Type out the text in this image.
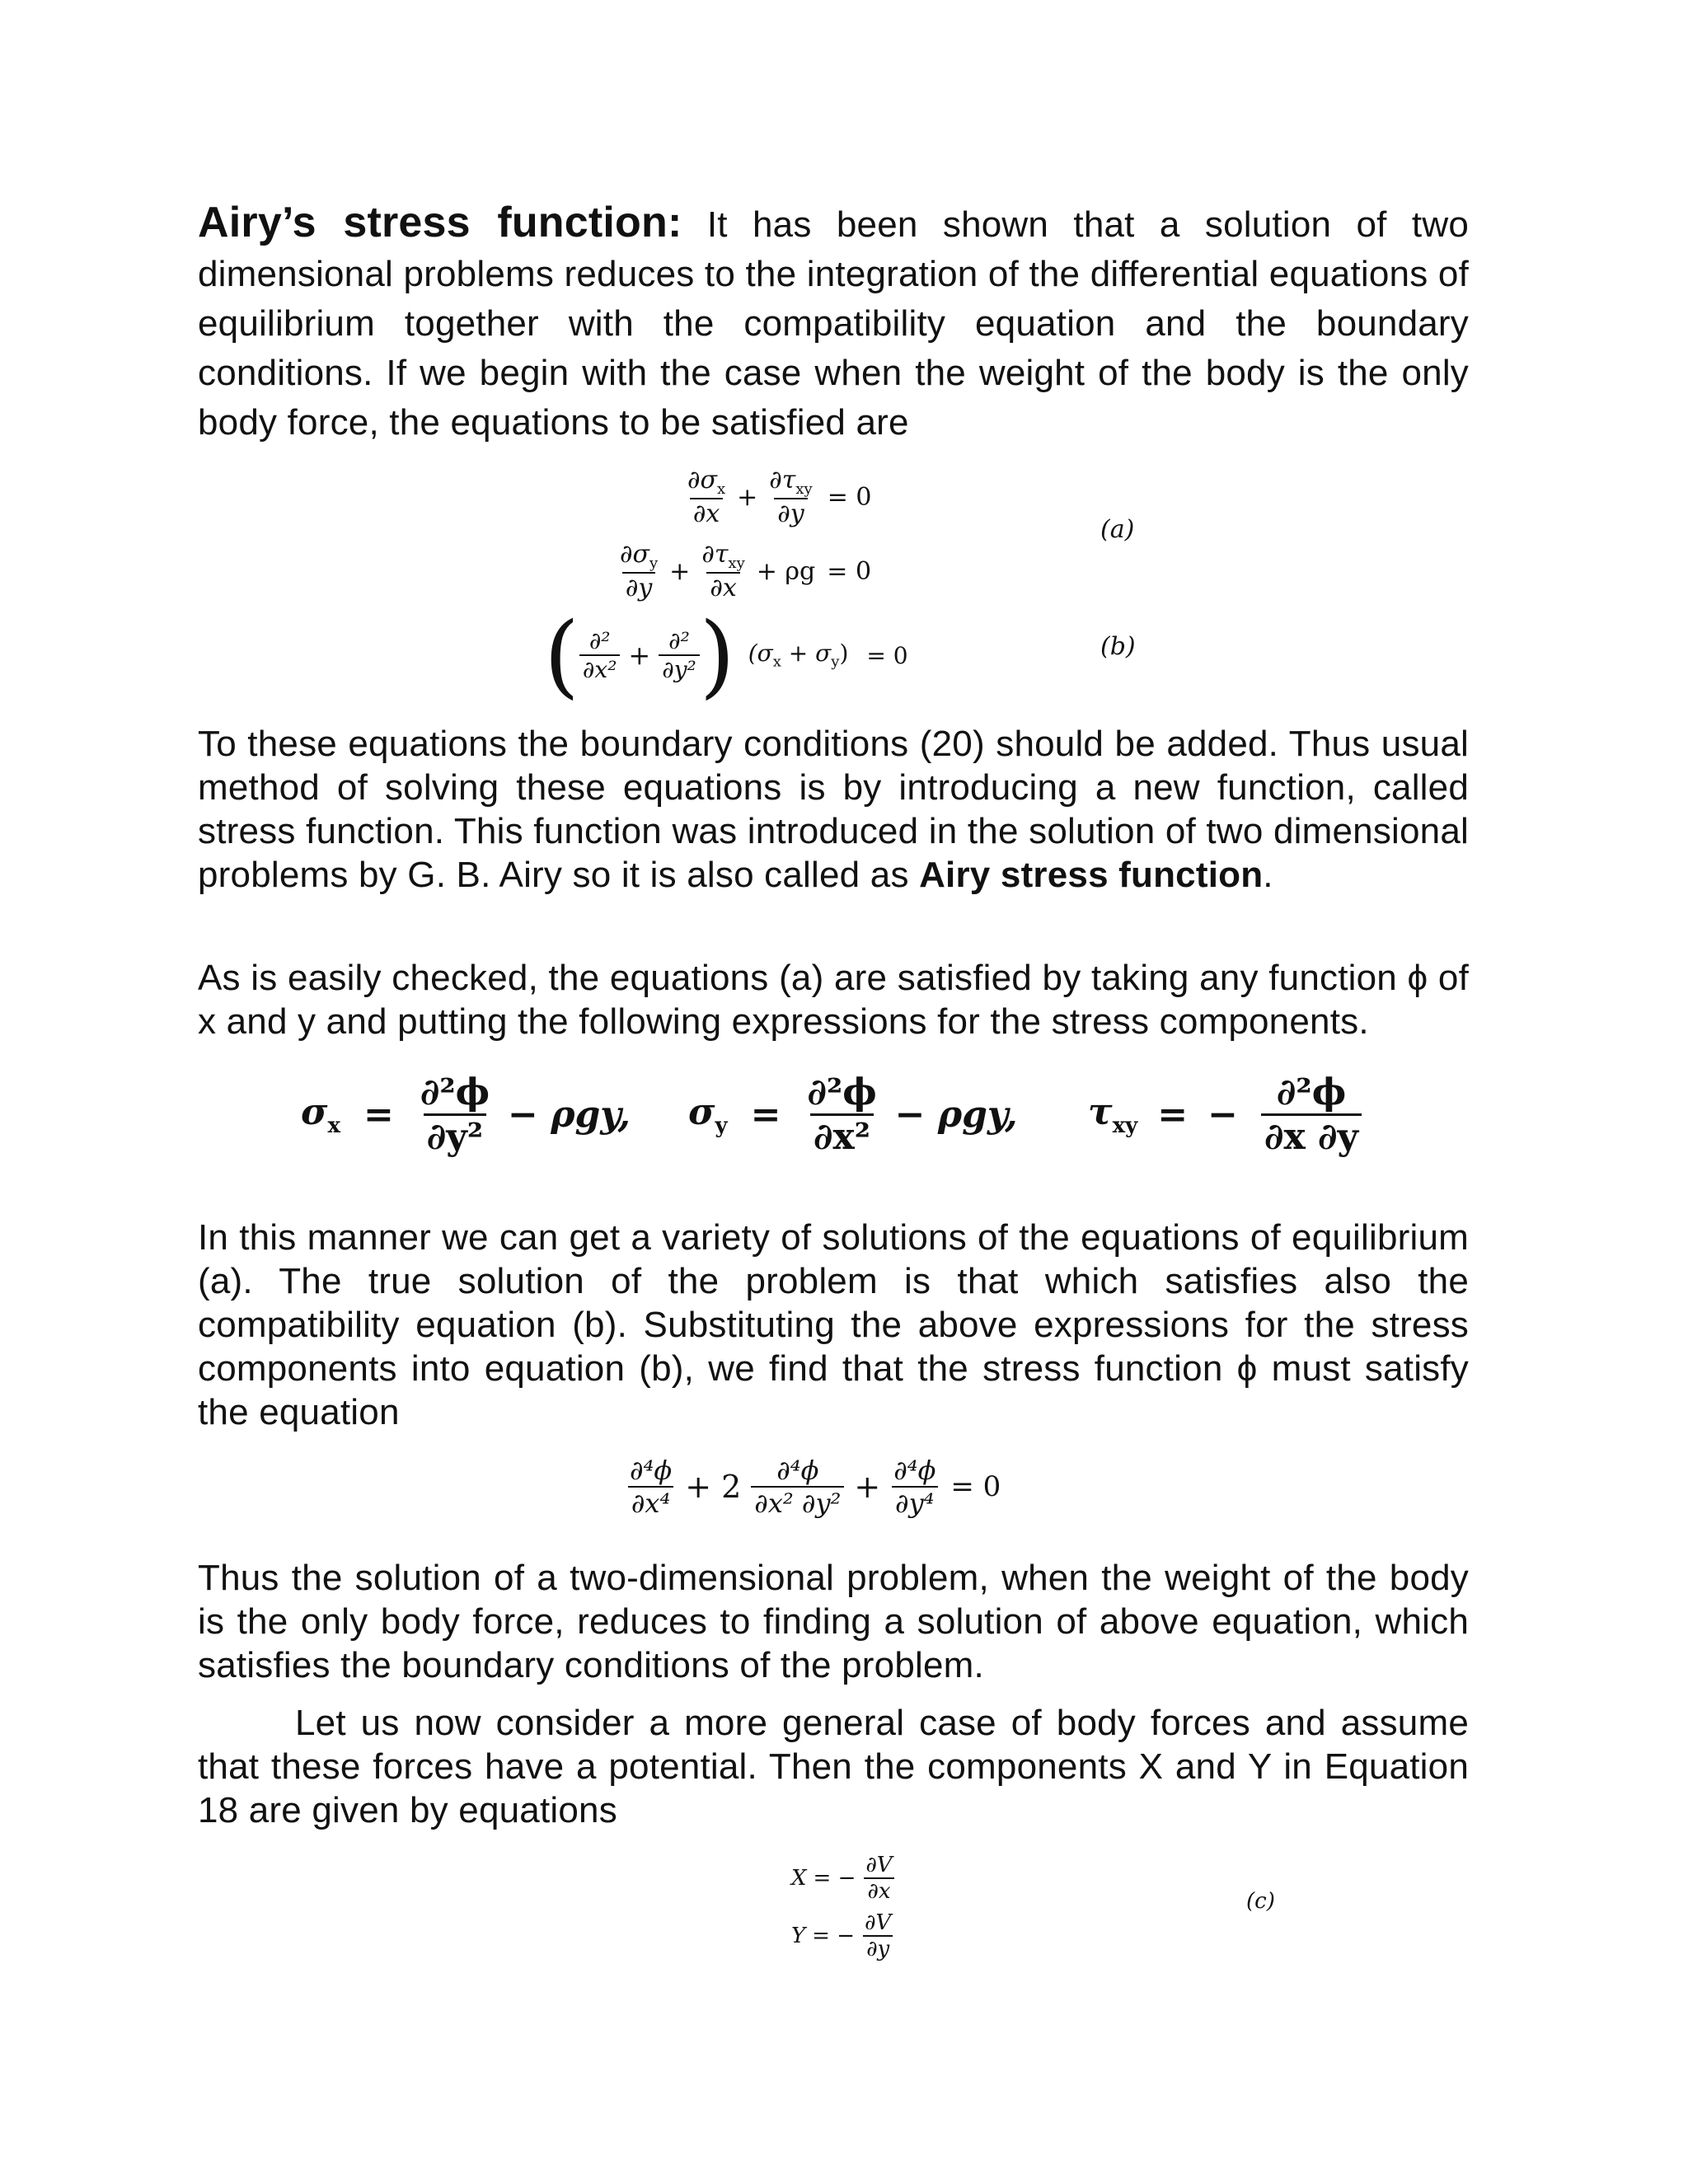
Airy’s stress function: It has been shown that a solution of two dimensional problems reduces to the integration of the differential equations of equilibrium together with the compatibility equation and the boundary conditions. If we begin with the case when the weight of the body is the only body force, the equations to be satisfied are

$\frac{\partial\sigma_x}{\partial x} + \frac{\partial\tau_{xy}}{\partial y} = 0$
$\frac{\partial\sigma_y}{\partial y} + \frac{\partial\tau_{xy}}{\partial x} + \rho g = 0$
(a)
( $\frac{\text{∂²}}{\text{∂x²}} + \frac{\text{∂²}}{\text{∂y²}}$ ) $(\sigma_x + \sigma_y) = 0$	(b)

To these equations the boundary conditions (20) should be added. Thus usual method of solving these equations is by introducing a new function, called stress function. This function was introduced in the solution of two dimensional problems by G. B. Airy so it is also called as Airy stress function.

As is easily checked, the equations (a) are satisfied by taking any function ϕ of x and y and putting the following expressions for the stress components.

$\sigma_x = \frac{\text{∂²ϕ}}{\text{∂y²}} - \rho gy$, $\sigma_y = \frac{\text{∂²ϕ}}{\text{∂x²}} - \rho gy$, $\tau_{xy}$ = − $\frac{\text{∂²ϕ}}{\partial x \partial y}$

In this manner we can get a variety of solutions of the equations of equilibrium (a). The true solution of the problem is that which satisfies also the compatibility equation (b). Substituting the above expressions for the stress components into equation (b), we find that the stress function ϕ must satisfy the equation

$\frac{\text{∂⁴ϕ}}{\text{∂x⁴}} + 2 \frac{\text{∂⁴ϕ}}{\text{∂x² ∂y²}} + \frac{\text{∂⁴ϕ}}{\text{∂y⁴}} = 0$

Thus the solution of a two-dimensional problem, when the weight of the body is the only body force, reduces to finding a solution of above equation, which satisfies the boundary conditions of the problem.

Let us now consider a more general case of body forces and assume that these forces have a potential. Then the components X and Y in Equation 18 are given by equations

X = − $\frac{\partial V}{\partial x}$
Y = − $\frac{\partial V}{\partial y}$
(c)
